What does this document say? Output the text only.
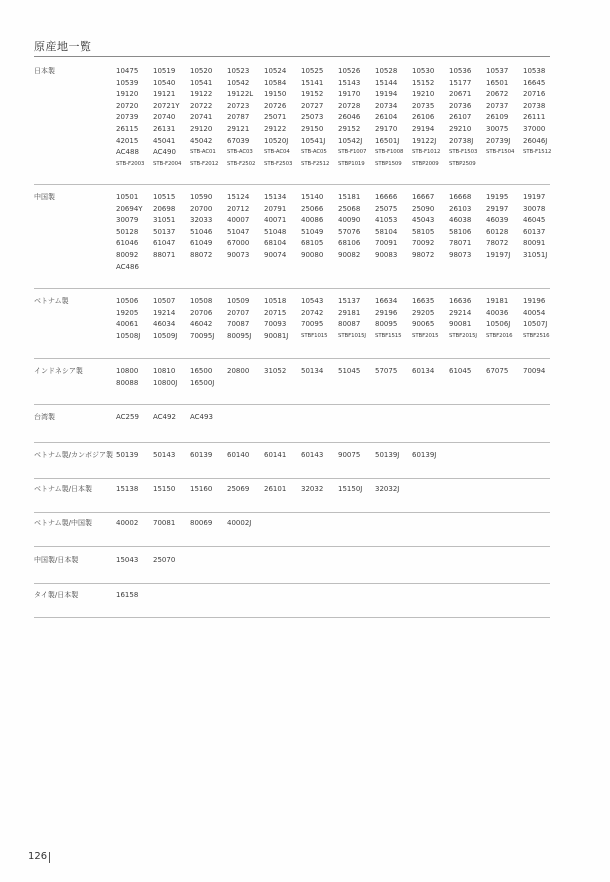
原産地一覧
日本製	10475	10519	10520	10523	10524	10525	10526	10528	10530	10536	10537	10538
10539	10540	10541	10542	10584	15141	15143	15144	15152	15177	16501	16645
19120	19121	19122	19122L	19150	19152	19170	19194	19210	20671	20672	20716
20720	20721Y	20722	20723	20726	20727	20728	20734	20735	20736	20737	20738
20739	20740	20741	20787	25071	25073	26046	26104	26106	26107	26109	26111
26115	26131	29120	29121	29122	29150	29152	29170	29194	29210	30075	37000
42015	45041	45042	67039	10520J	10541J	10542J	16501J	19122J	20738J	20739J	26046J
AC488	AC490	STB-AC01	STB-AC03	STB-AC04	STB-AC05	STB-F1007	STB-F1008	STB-F1012	STB-F1503	STB-F1504	STB-F1512
STB-F2003	STB-F2004	STB-F2012	STB-F2502	STB-F2503	STB-F2512	STBP1019	STBP1509	STBP2009	STBP2509
中国製	10501	10515	10590	15124	15134	15140	15181	16666	16667	16668	19195	19197
20694Y	20698	20700	20712	20791	25066	25068	25075	25090	26103	29197	30078
30079	31051	32033	40007	40071	40086	40090	41053	45043	46038	46039	46045
50128	50137	51046	51047	51048	51049	57076	58104	58105	58106	60128	60137
61046	61047	61049	67000	68104	68105	68106	70091	70092	78071	78072	80091
80092	88071	88072	90073	90074	90080	90082	90083	98072	98073	19197J	31051J
AC486
ベトナム製	10506	10507	10508	10509	10518	10543	15137	16634	16635	16636	19181	19196
19205	19214	20706	20707	20715	20742	29181	29196	29205	29214	40036	40054
40061	46034	46042	70087	70093	70095	80087	80095	90065	90081	10506J	10507J
10508J	10509J	70095J	80095J	90081J	STBF1015	STBF1015J	STBF1515	STBF2015	STBF2015J	STBF2016	STBF2516
インドネシア製	10800	10810	16500	20800	31052	50134	51045	57075	60134	61045	67075	70094
80088	10800J	16500J
台湾製	AC259	AC492	AC493
ベトナム製/カンボジア製 50139	50143	60139	60140	60141	60143	90075	50139J	60139J
ベトナム製/日本製	15138	15150	15160	25069	26101	32032	15150J	32032J
ベトナム製/中国製	40002	70081	80069	40002J
中国製/日本製	15043	25070
タイ製/日本製	16158
126
